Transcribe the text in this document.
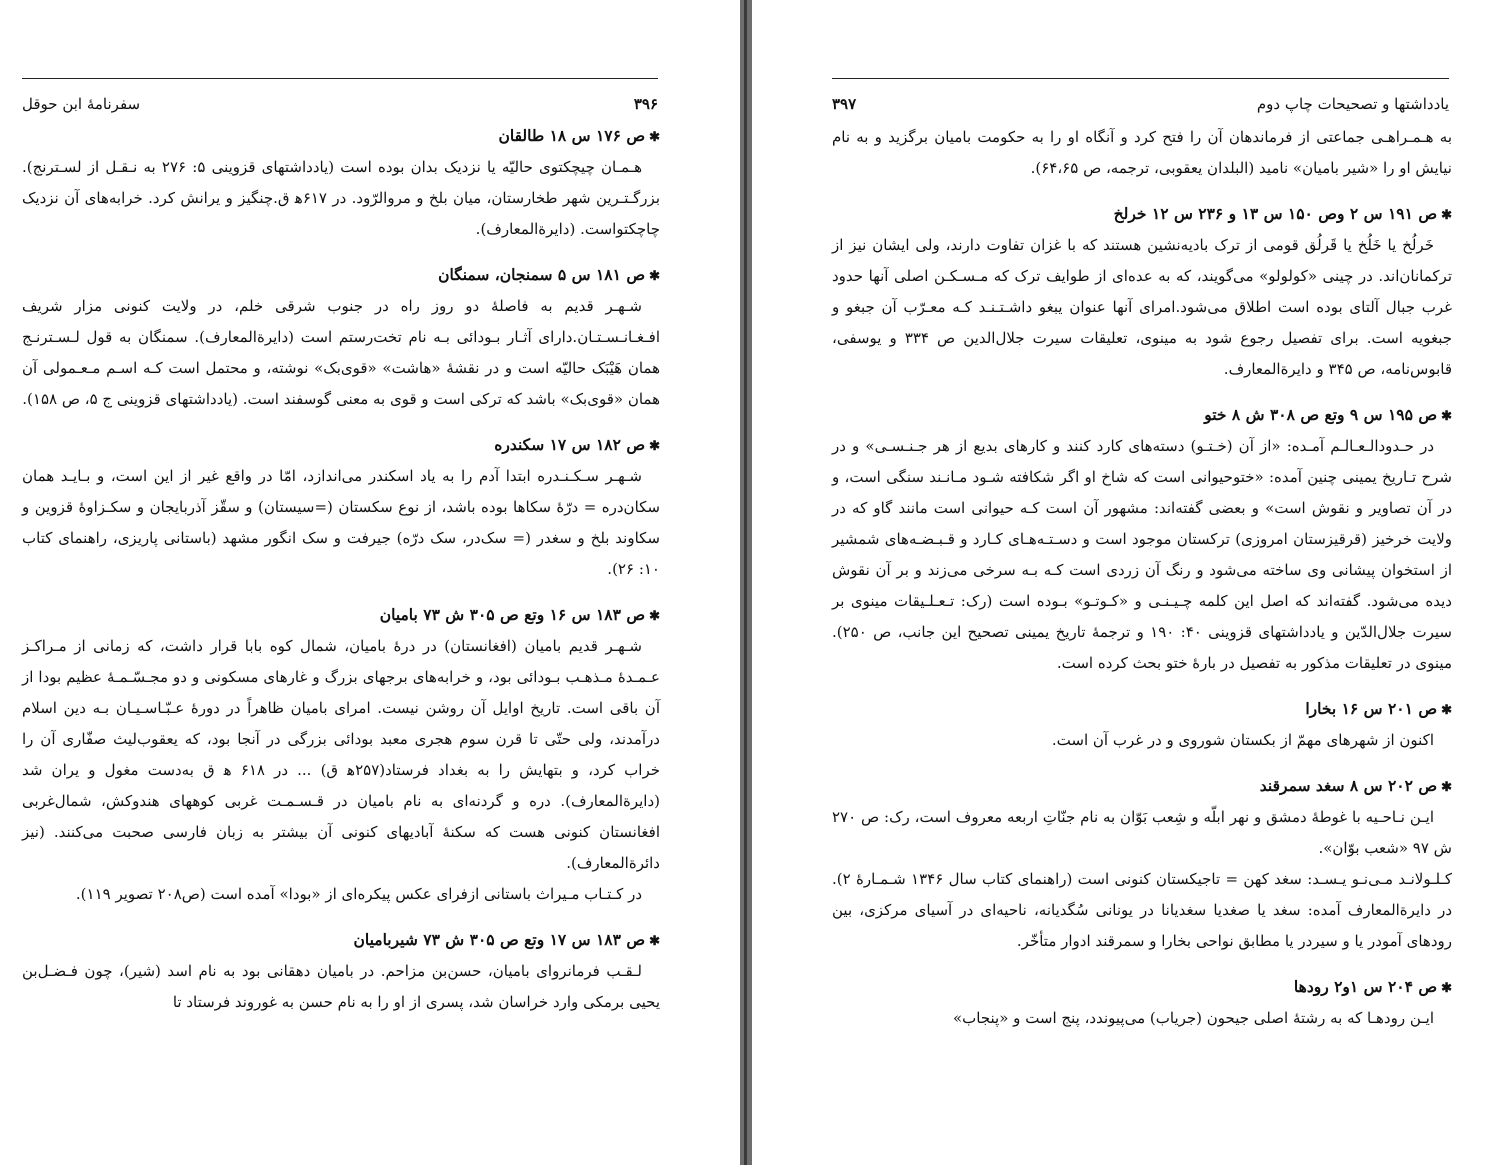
۳۹۶
سفرنامهٔ ابن حوقل

✱ص ۱۷۶ س ۱۸ طالقان

هـمـان چیچکتوی حالیّه یا نزدیک بدان بوده است (یادداشتهای قزوینی ۵: ۲۷۶ به نـقـل از لسـترنج). بزرگـتـرین شهر طخارستان، میان بلخ و مروالرّود. در ۶۱۷ﻫ ق.چنگیز و یرانش کرد. خرابه‌های آن نزدیک چاچکتواست. (دایرة‌المعارف).

✱ص ۱۸۱ س ۵ سمنجان، سمنگان

شـهـر قدیم به فاصلهٔ دو روز راه در جنوب شرقی خلم، در ولایت کنونی مزار شریف افـغـانـسـتـان.دارای آثـار بـودائی بـه نام تخت‌رستم است (دایرة‌المعارف). سمنگان به قول لـسـترنـج همان هَیْبَک حالیّه است و در نقشهٔ «هاشت» «قوی‌بک» نوشته، و محتمل است کـه اسـم مـعـمولی آن همان «قوی‌بک» باشد که ترکی است و قوی به معنی گوسفند است. (یادداشتهای قزوینی ج ۵، ص ۱۵۸).

✱ص ۱۸۲ س ۱۷ سکندره

شـهـر سـکـنـدره ابتدا آدم را به یاد اسکندر می‌اندازد، امّا در واقع غیر از این است، و بـایـد همان سکان‌دره = درّهٔ سکاها بوده باشد، از نوع سکستان (=سیستان) و سقّز آذربایجان و سکـزاوهٔ قزوین و سکاوند بلخ و سغدر (= سک‌در، سک درّه) جیرفت و سک انگور مشهد (باستانی پاریزی، راهنمای کتاب ۱۰: ۲۶).

✱ص ۱۸۳ س ۱۶ وتع ص ۳۰۵ ش ۷۳ بامیان

شـهـر قدیم بامیان (افغانستان) در درهٔ بامیان، شمال کوه بابا قرار داشت، که زمانی از مـراکـز عـمـدهٔ مـذهـب بـودائی بود، و خرابه‌های برجهای بزرگ و غارهای مسکونی و دو مجـسّـمـهٔ عظیم بودا از آن باقی است. تاریخ اوایل آن روشن نیست. امرای بامیان ظاهراً در دورهٔ عـبّـاسـیـان بـه دین اسلام درآمدند، ولی حتّی تا قرن سوم هجری معبد بودائی بزرگی در آنجا بود، که یعقوب‌لیث صفّاری آن را خراب کرد، و بتهایش را به بغداد فرستاد(۲۵۷ﻫ ق) ... در ۶۱۸ ﻫ ق به‌دست مغول و یران شد (دایرة‌المعارف). دره و گردنه‌ای به نام بامیان در قـسـمـت غربی کوههای هندوکش، شمال‌غربی افغانستان کنونی هست که سکنهٔ آبادیهای کنونی آن بیشتر به زبان فارسی صحبت می‌کنند. (نیز دائرة‌المعارف).

در کـتـاب مـیراث باستانی ازفرای عکس پیکره‌ای از «بودا» آمده است (ص۲۰۸ تصویر ۱۱۹).

✱ص ۱۸۳ س ۱۷ وتع ص ۳۰۵ ش ۷۳ شیربامیان

لـقـب فرمانروای بامیان، حسن‌بن مزاحم. در بامیان دهقانی بود به نام اسد (شیر)، چون فـضـل‌بن یحیی برمکی وارد خراسان شد، پسری از او را به نام حسن به غوروند فرستاد تا

یادداشتها و تصحیحات چاپ دوم
۳۹۷

به هـمـراهـی جماعتی از فرماندهان آن را فتح کرد و آنگاه او را به حکومت بامیان برگزید و به نام نیایش او را «شیر بامیان» نامید (البلدان یعقوبی، ترجمه، ص ۶۴،۶۵).

✱ص ۱۹۱ س ۲ وص ۱۵۰ س ۱۳ و ۲۳۶ س ۱۲ خرلخ

خَرلُخ یا خَلُخ یا قَرلُق قومی از ترک بادیه‌نشین هستند که با غزان تفاوت دارند، ولی ایشان نیز از ترکمانان‌اند. در چینی «کولولو» می‌گویند، که به عده‌ای از طوایف ترک که مـسـکـن اصلی آنها حدود غرب جبال آلتای بوده است اطلاق می‌شود.امرای آنها عنوان یبغو داشـتـنـد کـه معـرّب آن جبغو و جبغویه است. برای تفصیل رجوع شود به مینوی، تعلیقات سیرت جلال‌الدین ص ۳۳۴ و یوسفی، قابوس‌نامه، ص ۳۴۵ و دایرة‌المعارف.

✱ص ۱۹۵ س ۹ وتع ص ۳۰۸ ش ۸ ختو

در حـدودالـعـالـم آمـده: «از آن (خـتـو) دسته‌های کارد کنند و کارهای بدیع از هر جـنـسـی» و در شرح تـاریخ یمینی چنین آمده: «ختوحیوانی است که شاخ او اگر شکافته شـود مـانـند سنگی است، و در آن تصاویر و نقوش است» و بعضی گفته‌اند: مشهور آن است کـه حیوانی است مانند گاو که در ولایت خرخیز (قرقیزستان امروزی) ترکستان موجود است و دسـتـه‌هـای کـارد و قـبـضـه‌های شمشیر از استخوان پیشانی وی ساخته می‌شود و رنگ آن زردی است کـه بـه سرخی می‌زند و بر آن نقوش دیده می‌شود. گفته‌اند که اصل این کلمه چـیـنـی و «کـوتـو» بـوده است (رک: تـعـلـیقات مینوی بر سیرت جلال‌الدّین و یادداشتهای قزوینی ۴۰: ۱۹۰ و ترجمهٔ تاریخ یمینی تصحیح این جانب، ص ۲۵۰). مینوی در تعلیقات مذکور به تفصیل در بارهٔ ختو بحث کرده است.

✱ص ۲۰۱ س ۱۶ بخارا

اکنون از شهرهای مهمّ از بکستان شوروی و در غرب آن است.

✱ص ۲۰۲ س ۸ سغد سمرقند

ایـن نـاحـیه با غوطهٔ دمشق و نهر ابلّه و شِعب بَوّان به نام جنّاتِ اربعه معروف است، رک: ص ۲۷۰ ش ۹۷ «شعب بوّان».

کـلـولانـد مـی‌نـو یـسـد: سغد کهن = تاجیکستان کنونی است (راهنمای کتاب سال ۱۳۴۶ شـمـارهٔ ۲). در دایرة‌المعارف آمده: سغد یا صغدیا سغدیانا در یونانی سُگدیانه، ناحیه‌ای در آسیای مرکزی، بین رودهای آمودر یا و سیردر یا مطابق نواحی بخارا و سمرقند ادوار متأخّر.

✱ص ۲۰۴ س ۱و۲ رودها

ایـن رودهـا که به رشتهٔ اصلی جیحون (جریاب) می‌پیوندد، پنج است و «پنجاب»
